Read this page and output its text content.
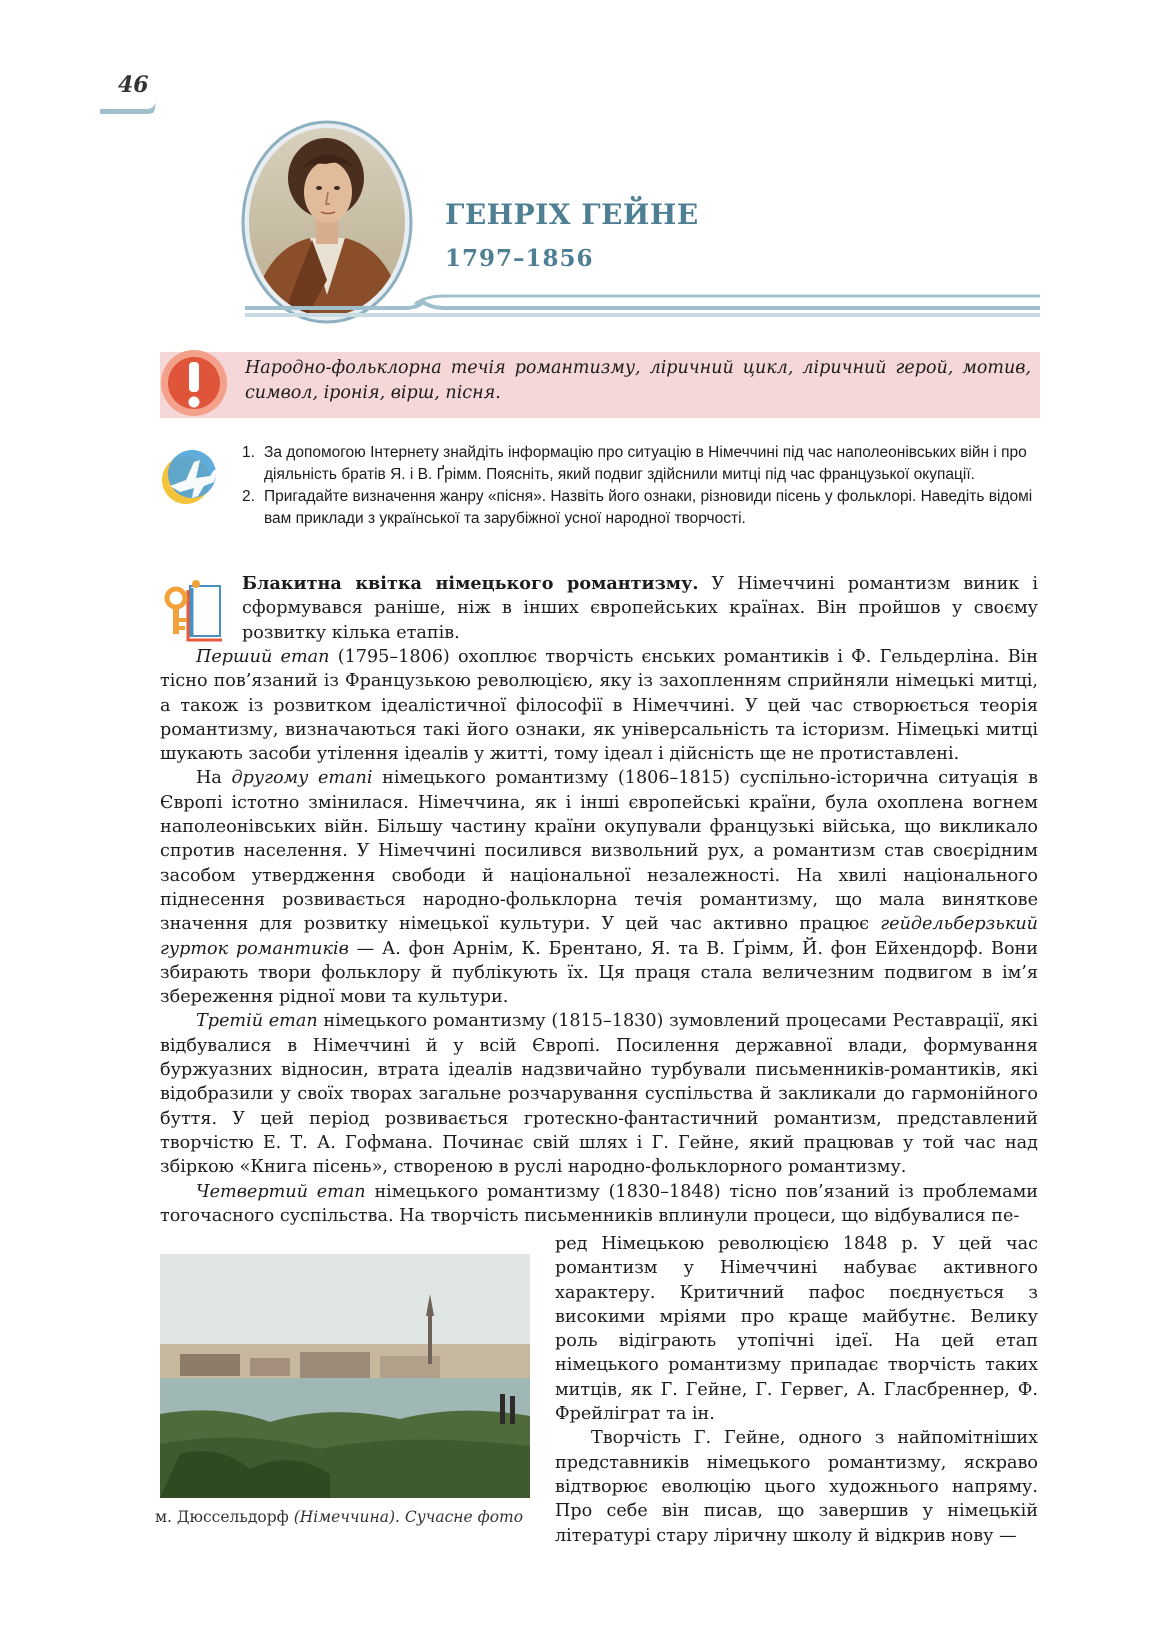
46
ГЕНРІХ ГЕЙНЕ
1797–1856
Народно-фольклорна течія романтизму, ліричний цикл, ліричний герой, мотив, символ, іронія, вірш, пісня.
1. За допомогою Інтернету знайдіть інформацію про ситуацію в Німеччині під час наполеонівських війн і про діяльність братів Я. і В. Ґрімм. Поясніть, який подвиг здійснили митці під час французької окупації.
2. Пригадайте визначення жанру «пісня». Назвіть його ознаки, різновиди пісень у фольклорі. Наведіть відомі вам приклади з української та зарубіжної усної народної творчості.

Блакитна квітка німецького романтизму. У Німеччині романтизм виник і сформувався раніше, ніж в інших європейських країнах. Він пройшов у своєму розвитку кілька етапів.

Перший етап (1795–1806) охоплює творчість єнських романтиків і Ф. Гельдерліна. Він тісно пов’язаний із Французькою революцією, яку із захопленням сприйняли німецькі митці, а також із розвитком ідеалістичної філософії в Німеччині. У цей час створюється теорія романтизму, визначаються такі його ознаки, як універсальність та історизм. Німецькі митці шукають засоби утілення ідеалів у житті, тому ідеал і дійсність ще не протиставлені.

На другому етапі німецького романтизму (1806–1815) суспільно-історична ситуація в Європі істотно змінилася. Німеччина, як і інші європейські країни, була охоплена вогнем наполеонівських війн. Більшу частину країни окупували французькі війська, що викликало спротив населення. У Німеччині посилився визвольний рух, а романтизм став своєрідним засобом утвердження свободи й національної незалежності. На хвилі національного піднесення розвивається народно-фольклорна течія романтизму, що мала виняткове значення для розвитку німецької культури. У цей час активно працює гейдельберзький гурток романтиків — А. фон Арнім, К. Брентано, Я. та В. Ґрімм, Й. фон Ейхендорф. Вони збирають твори фольклору й публікують їх. Ця праця стала величезним подвигом в ім’я збереження рідної мови та культури.

Третій етап німецького романтизму (1815–1830) зумовлений процесами Реставрації, які відбувалися в Німеччині й у всій Європі. Посилення державної влади, формування буржуазних відносин, втрата ідеалів надзвичайно турбували письменників-романтиків, які відобразили у своїх творах загальне розчарування суспільства й закликали до гармонійного буття. У цей період розвивається гротескно-фантастичний романтизм, представлений творчістю Е. Т. А. Гофмана. Починає свій шлях і Г. Гейне, який працював у той час над збіркою «Книга пісень», створеною в руслі народно-фольклорного романтизму.

Четвертий етап німецького романтизму (1830–1848) тісно пов’язаний із проблемами тогочасного суспільства. На творчість письменників вплинули процеси, що відбувалися пе-

м. Дюссельдорф (Німеччина). Сучасне фото

ред Німецькою революцією 1848 р. У цей час романтизм у Німеччині набуває активного характеру. Критичний пафос поєднується з високими мріями про краще майбутнє. Велику роль відіграють утопічні ідеї. На цей етап німецького романтизму припадає творчість таких митців, як Г. Гейне, Г. Гервег, А. Гласбреннер, Ф. Фрейліграт та ін.

Творчість Г. Гейне, одного з найпомітніших представників німецького романтизму, яскраво відтворює еволюцію цього художнього напряму. Про себе він писав, що завершив у німецькій літературі стару ліричну школу й відкрив нову —
